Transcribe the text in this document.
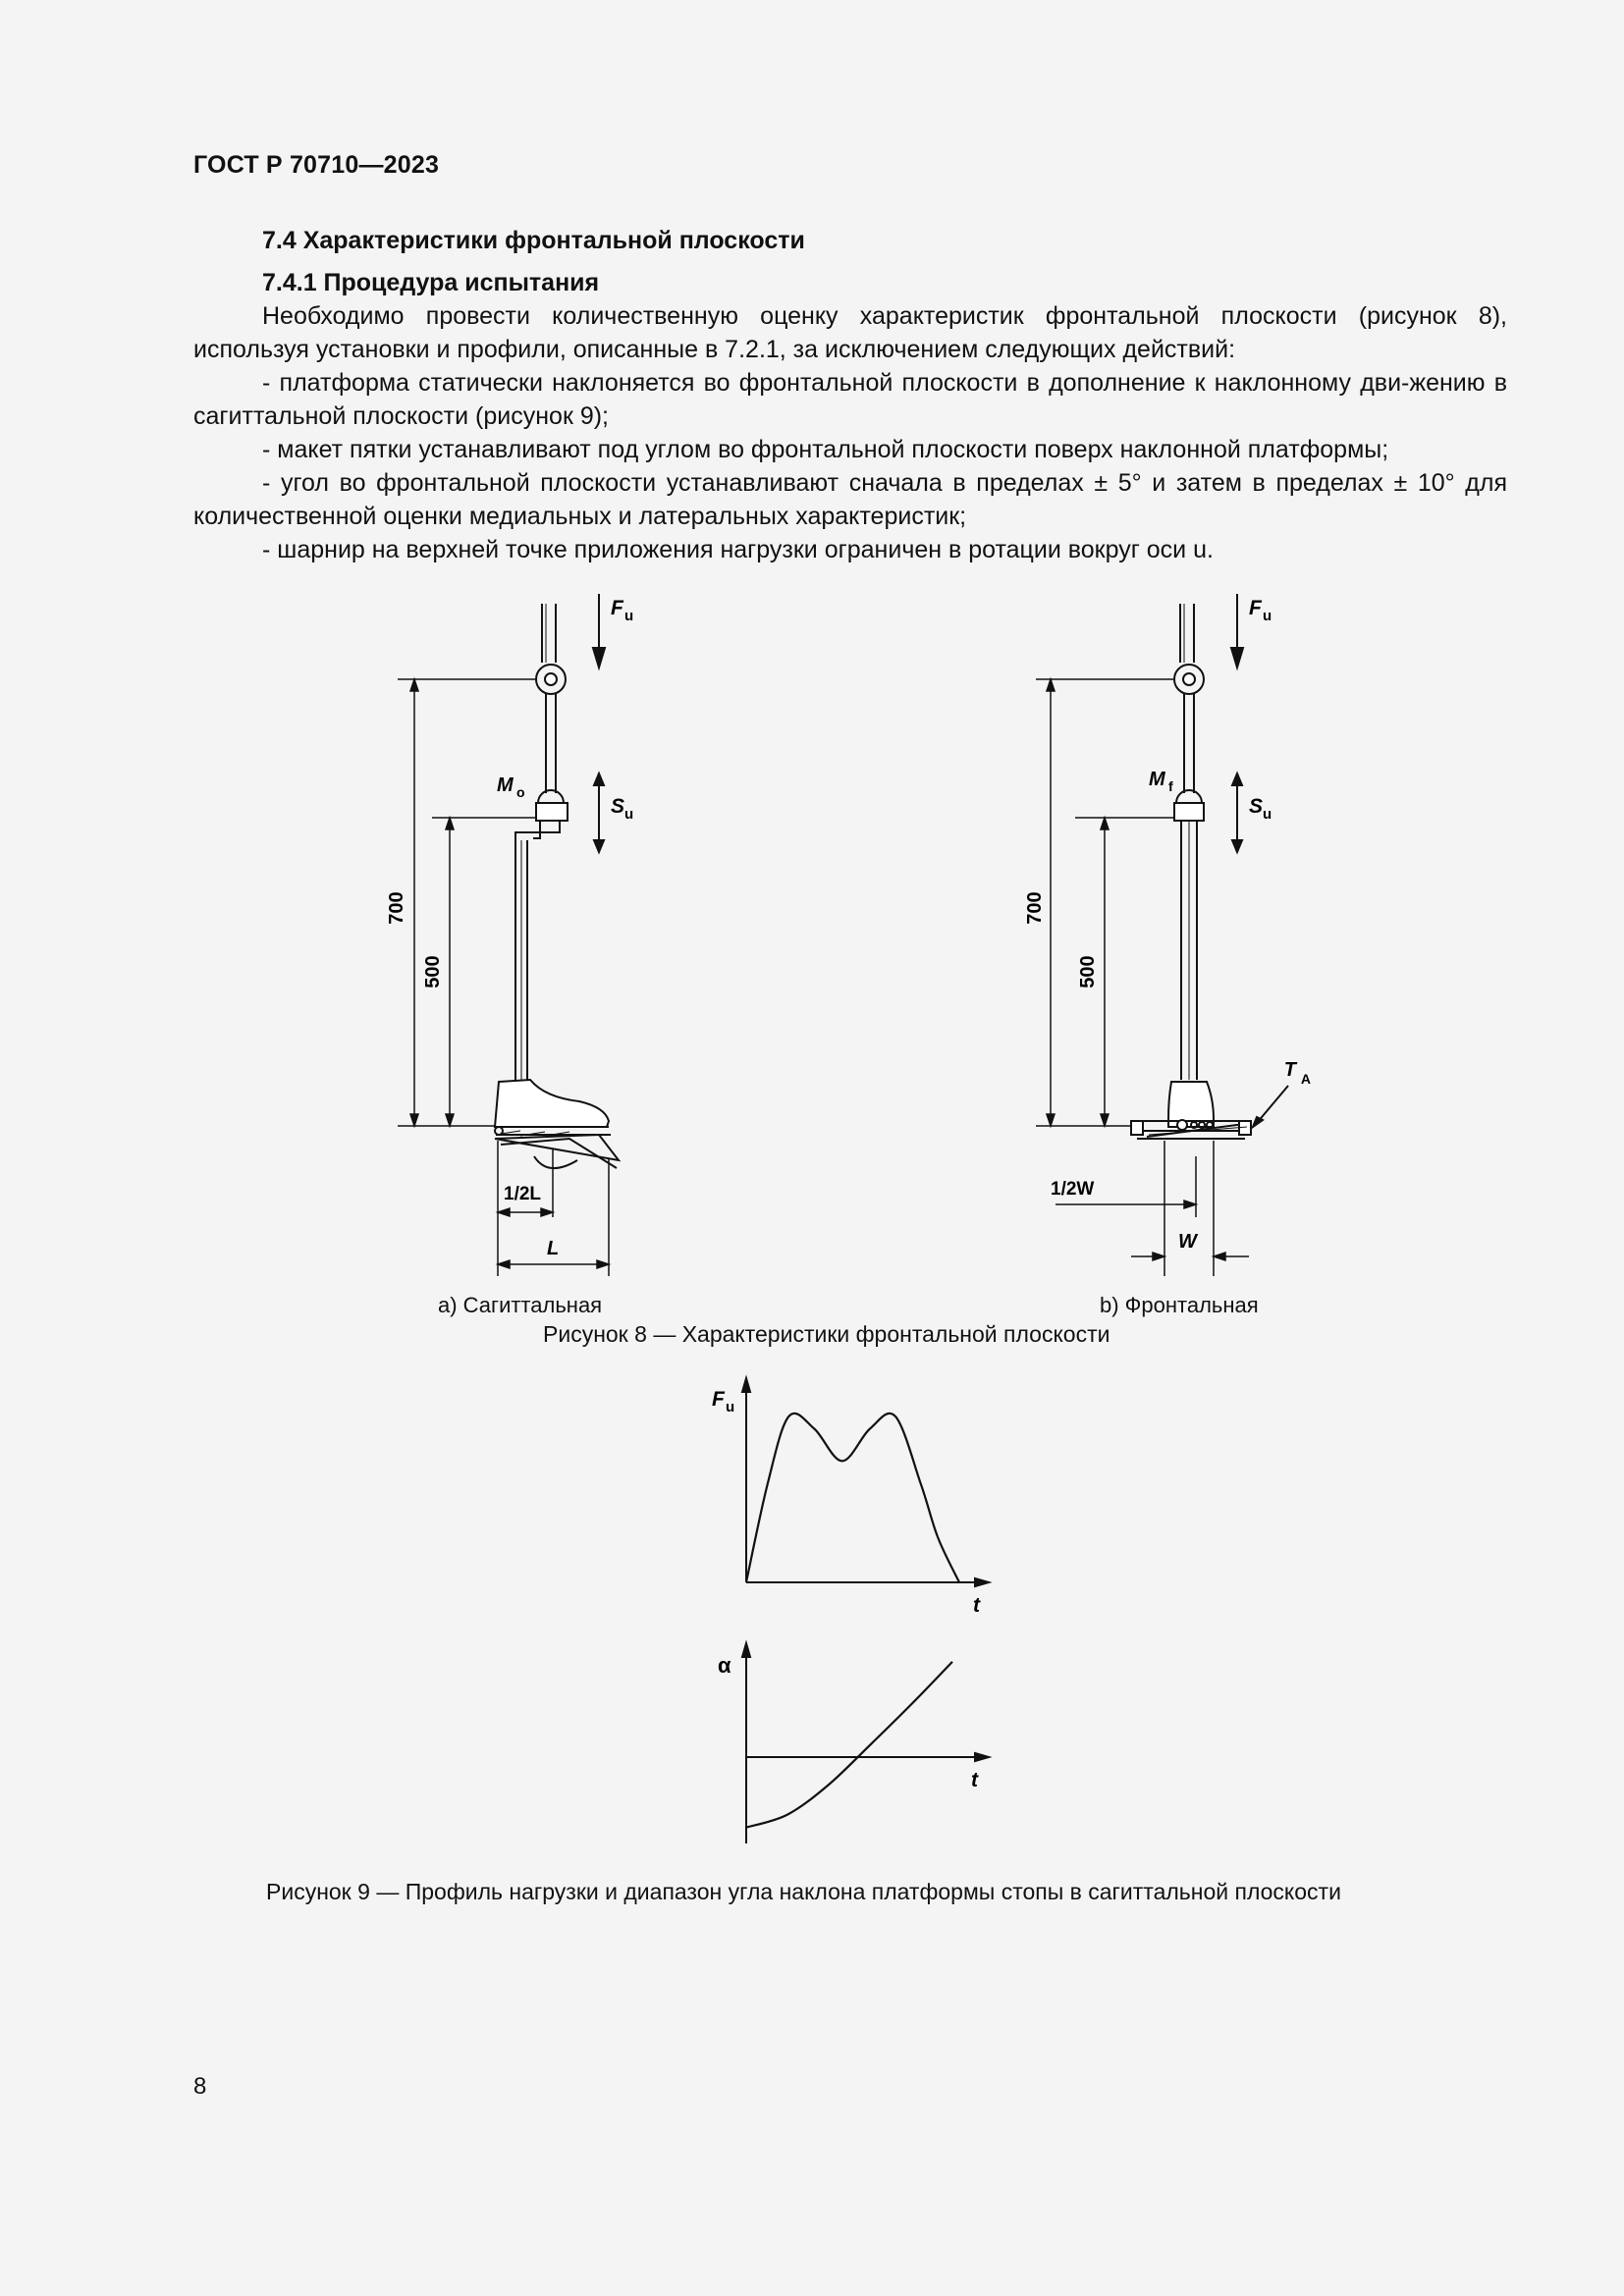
ГОСТ Р 70710—2023
7.4 Характеристики фронтальной плоскости
7.4.1 Процедура испытания
Необходимо провести количественную оценку характеристик фронтальной плоскости (рисунок 8), используя установки и профили, описанные в 7.2.1, за исключением следующих действий:
- платформа статически наклоняется во фронтальной плоскости в дополнение к наклонному дви-жению в сагиттальной плоскости (рисунок 9);
- макет пятки устанавливают под углом во фронтальной плоскости поверх наклонной платформы;
- угол во фронтальной плоскости устанавливают сначала в пределах ± 5° и затем в пределах ± 10° для количественной оценки медиальных и латеральных характеристик;
- шарнир на верхней точке приложения нагрузки ограничен в ротации вокруг оси u.
F u
M o
S u
700
500
1/2L
L
F u
M f
S u
T A
700
500
1/2W
W
a) Сагиттальная	b) Фронтальная
Рисунок 8 — Характеристики фронтальной плоскости
F u
t
α
t
Рисунок 9 — Профиль нагрузки и диапазон угла наклона платформы стопы в сагиттальной плоскости
8
